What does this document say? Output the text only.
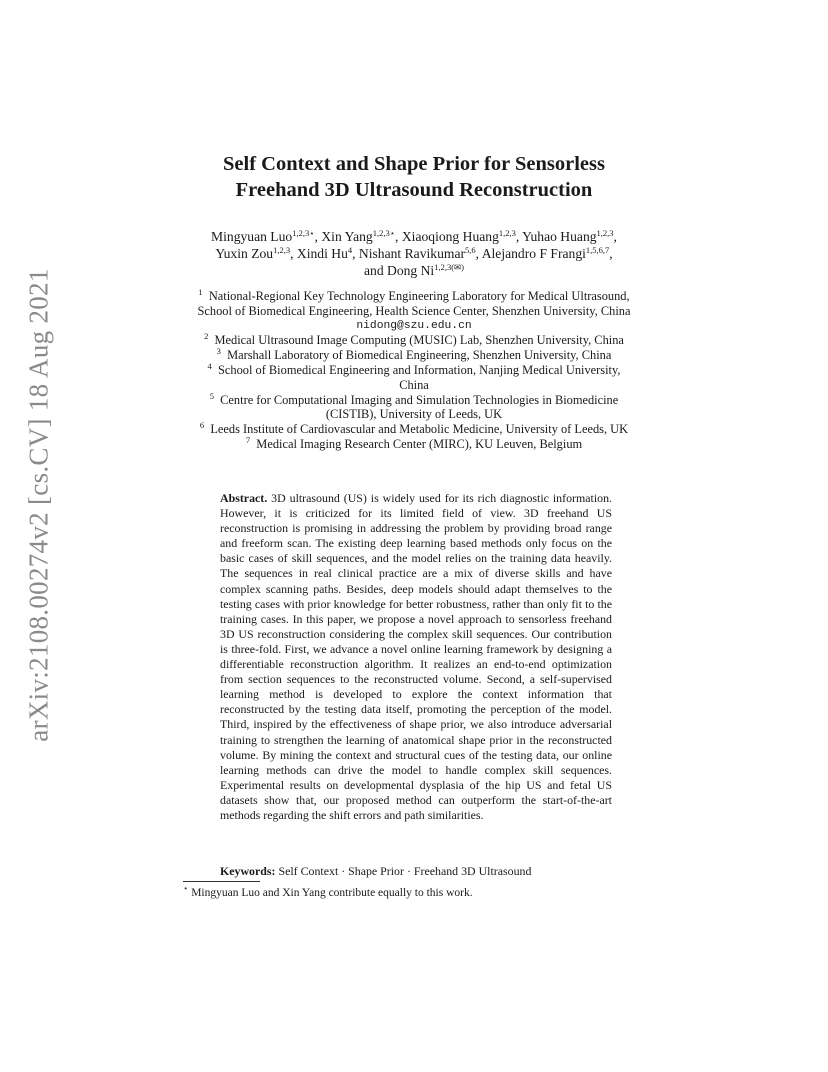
arXiv:2108.00274v2 [cs.CV] 18 Aug 2021
Self Context and Shape Prior for Sensorless
Freehand 3D Ultrasound Reconstruction
Mingyuan Luo$^{1,2,3⋆}$, Xin Yang$^{1,2,3⋆}$, Xiaoqiong Huang$^{1,2,3}$, Yuhao Huang$^{1,2,3}$,
Yuxin Zou$^{1,2,3}$, Xindi Hu$^4$, Nishant Ravikumar$^{5,6}$, Alejandro F Frangi$^{1,5,6,7}$,
and Dong $Ni^{1,2,3(✉)}$
$^1$ National-Regional Key Technology Engineering Laboratory for Medical Ultrasound,
School of Biomedical Engineering, Health Science Center, Shenzhen University, China
nidong@szu.edu.cn
$^2$ Medical Ultrasound Image Computing (MUSIC) Lab, Shenzhen University, China
$^3$ Marshall Laboratory of Biomedical Engineering, Shenzhen University, China
$^4$ School of Biomedical Engineering and Information, Nanjing Medical University,
China
$^5$ Centre for Computational Imaging and Simulation Technologies in Biomedicine
(CISTIB), University of Leeds, UK
$^6$ Leeds Institute of Cardiovascular and Metabolic Medicine, University of Leeds, UK
$^7$ Medical Imaging Research Center (MIRC), KU Leuven, Belgium
Abstract. 3D ultrasound (US) is widely used for its rich diagnostic information. However, it is criticized for its limited field of view. 3D freehand US reconstruction is promising in addressing the problem by providing broad range and freeform scan. The existing deep learning based methods only focus on the basic cases of skill sequences, and the model relies on the training data heavily. The sequences in real clinical practice are a mix of diverse skills and have complex scanning paths. Besides, deep models should adapt themselves to the testing cases with prior knowledge for better robustness, rather than only fit to the training cases. In this paper, we propose a novel approach to sensorless freehand 3D US reconstruction considering the complex skill sequences. Our contribution is three-fold. First, we advance a novel online learning framework by designing a differentiable reconstruction algorithm. It realizes an end-to-end optimization from section sequences to the reconstructed volume. Second, a self-supervised learning method is developed to explore the context information that reconstructed by the testing data itself, promoting the perception of the model. Third, inspired by the effectiveness of shape prior, we also introduce adversarial training to strengthen the learning of anatomical shape prior in the reconstructed volume. By mining the context and structural cues of the testing data, our online learning methods can drive the model to handle complex skill sequences. Experimental results on developmental dysplasia of the hip US and fetal US datasets show that, our proposed method can outperform the start-of-the-art methods regarding the shift errors and path similarities.
Keywords: Self Context · Shape Prior · Freehand 3D Ultrasound
⋆ Mingyuan Luo and Xin Yang contribute equally to this work.
